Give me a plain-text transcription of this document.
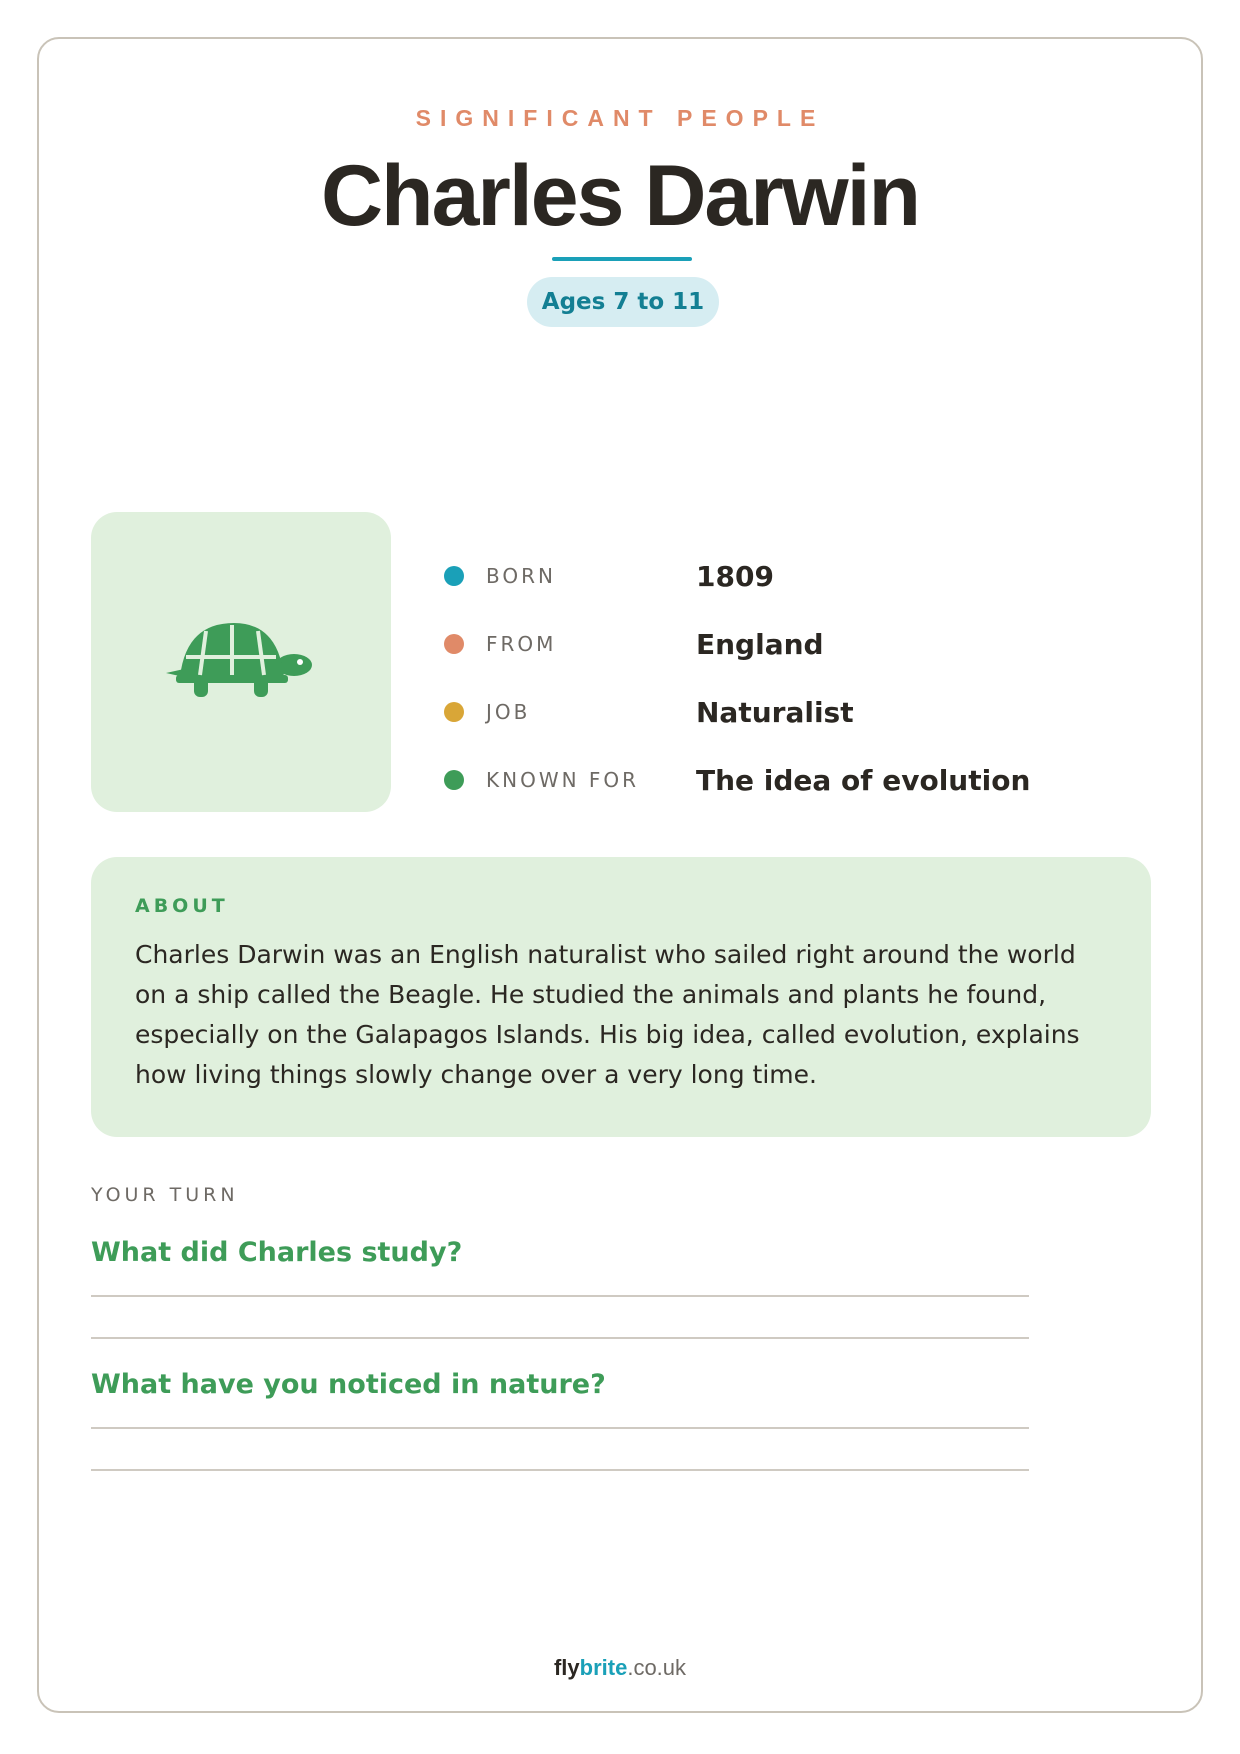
SIGNIFICANT PEOPLE
Charles Darwin
Ages 7 to 11
BORN	1809
FROM	England
JOB	Naturalist
KNOWN FOR	The idea of evolution
ABOUT
Charles Darwin was an English naturalist who sailed right around the world on a ship called the Beagle. He studied the animals and plants he found, especially on the Galapagos Islands. His big idea, called evolution, explains how living things slowly change over a very long time.
YOUR TURN
What did Charles study?
What have you noticed in nature?
flybrite.co.uk
